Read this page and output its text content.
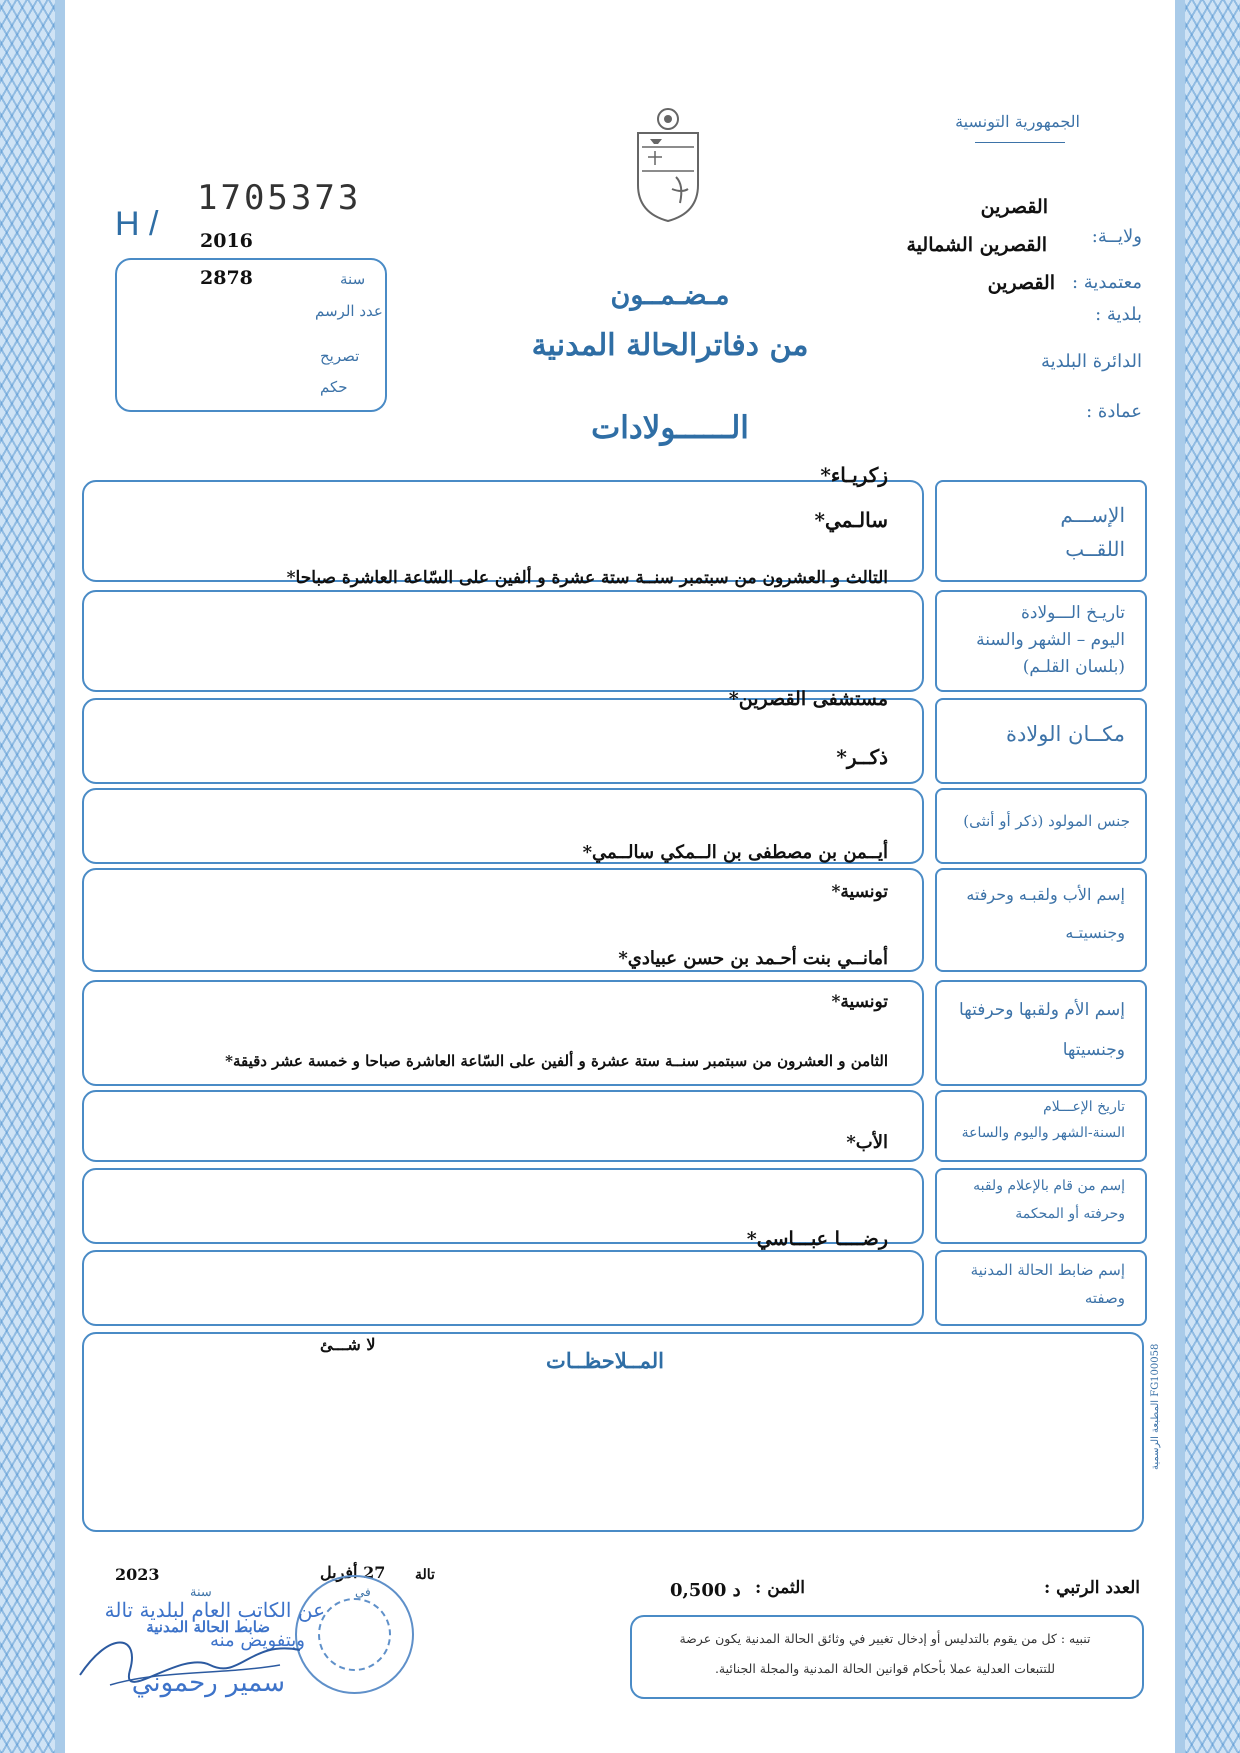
الجمهورية التونسية
H /
1705373
2016
2878	سنة
عدد الرسم
تصريح
حكم
القصرين
ولايــة:
القصرين الشمالية
معتمدية :
القصرين
بلدية :
الدائرة البلدية
عمادة :
مـضـمــون
من دفاترالحالة المدنية
الــــــولادات
الإســـم
اللقــب
تاريـخ الـــولادة
اليوم – الشهر والسنة
(بلسان القلـم)
مكــان الولادة
جنس المولود (ذكر أو أنثى)
إسم الأب ولقبـه وحرفته
وجنسيتـه
إسم الأم ولقبها وحرفتها
وجنسيتها
تاريخ الإعـــلام
السنة-الشهر واليوم والساعة
إسم من قام بالإعلام ولقبه
وحرفته أو المحكمة
إسم ضابط الحالة المدنية
وصفته
زكريـاء*
سالـمي*
التالث و العشرون من سبتمبر سنــة ستة عشرة و ألفين على السّاعة العاشرة صباحا*
مستشفى القصرين*
ذكــر*
أيــمن بن مصطفى بن الــمكي سالــمي*
تونسية*
أمانــي بنت أحـمد بن حسن عبيادي*
تونسية*
الثامن و العشرون من سبتمبر سنــة ستة عشرة و ألفين على السّاعة العاشرة صباحا و خمسة عشر دقيقة*
الأب*
رضــــا عبـــاسي*
المــلاحظــات
لا شـــئ
المطبعة الرسمية FG100058
2023
سنة
27 أفريل
في
تالة
0,500 د الثمن :	العدد الرتبي :
تنبيه : كل من يقوم بالتدليس أو إدخال تغيير في وثائق الحالة المدنية يكون عرضة
للتتبعات العدلية عملا بأحكام قوانين الحالة المدنية والمجلة الجنائية.
عن الكاتب العام لبلدية تالة
وبتفويض منه
ضابط الحالة المدنية
سمير رحموني
